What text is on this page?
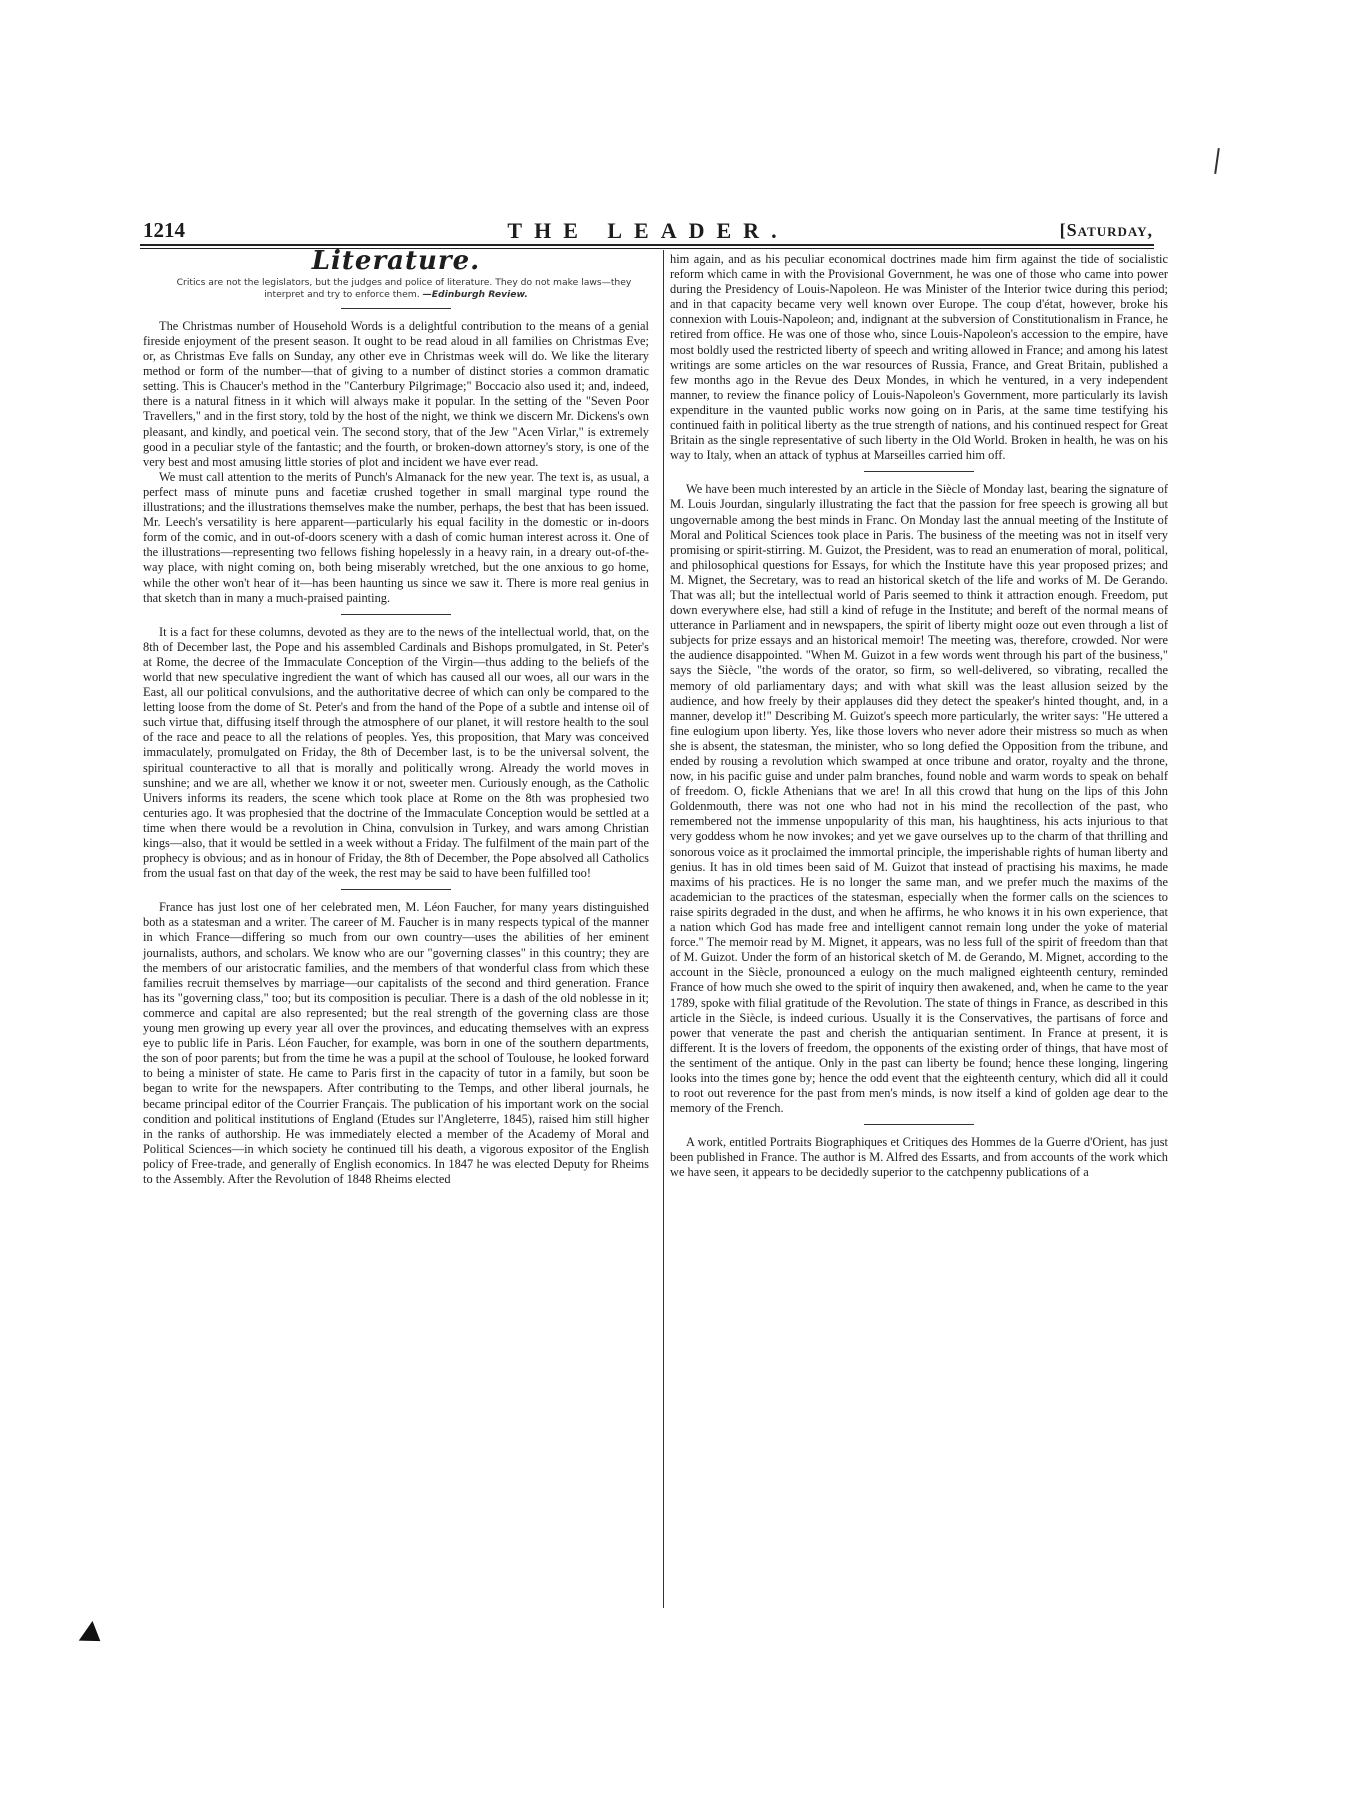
1214	THE LEADER.	[Saturday,
Literature.

Critics are not the legislators, but the judges and police of literature. They do not make laws—they interpret and try to enforce them. —Edinburgh Review.

The Christmas number of Household Words is a delightful contribution to the means of a genial fireside enjoyment of the present season. It ought to be read aloud in all families on Christmas Eve; or, as Christmas Eve falls on Sunday, any other eve in Christmas week will do. We like the literary method or form of the number—that of giving to a number of distinct stories a common dramatic setting. This is Chaucer's method in the "Canterbury Pilgrimage;" Boccacio also used it; and, indeed, there is a natural fitness in it which will always make it popular. In the setting of the "Seven Poor Travellers," and in the first story, told by the host of the night, we think we discern Mr. Dickens's own pleasant, and kindly, and poetical vein. The second story, that of the Jew "Acen Virlar," is extremely good in a peculiar style of the fantastic; and the fourth, or broken-down attorney's story, is one of the very best and most amusing little stories of plot and incident we have ever read.

We must call attention to the merits of Punch's Almanack for the new year. The text is, as usual, a perfect mass of minute puns and facetiæ crushed together in small marginal type round the illustrations; and the illustrations themselves make the number, perhaps, the best that has been issued. Mr. Leech's versatility is here apparent—particularly his equal facility in the domestic or in-doors form of the comic, and in out-of-doors scenery with a dash of comic human interest across it. One of the illustrations—representing two fellows fishing hopelessly in a heavy rain, in a dreary out-of-the-way place, with night coming on, both being miserably wretched, but the one anxious to go home, while the other won't hear of it—has been haunting us since we saw it. There is more real genius in that sketch than in many a much-praised painting.

It is a fact for these columns, devoted as they are to the news of the intellectual world, that, on the 8th of December last, the Pope and his assembled Cardinals and Bishops promulgated, in St. Peter's at Rome, the decree of the Immaculate Conception of the Virgin—thus adding to the beliefs of the world that new speculative ingredient the want of which has caused all our woes, all our wars in the East, all our political convulsions, and the authoritative decree of which can only be compared to the letting loose from the dome of St. Peter's and from the hand of the Pope of a subtle and intense oil of such virtue that, diffusing itself through the atmosphere of our planet, it will restore health to the soul of the race and peace to all the relations of peoples. Yes, this proposition, that Mary was conceived immaculately, promulgated on Friday, the 8th of December last, is to be the universal solvent, the spiritual counteractive to all that is morally and politically wrong. Already the world moves in sunshine; and we are all, whether we know it or not, sweeter men. Curiously enough, as the Catholic Univers informs its readers, the scene which took place at Rome on the 8th was prophesied two centuries ago. It was prophesied that the doctrine of the Immaculate Conception would be settled at a time when there would be a revolution in China, convulsion in Turkey, and wars among Christian kings—also, that it would be settled in a week without a Friday. The fulfilment of the main part of the prophecy is obvious; and as in honour of Friday, the 8th of December, the Pope absolved all Catholics from the usual fast on that day of the week, the rest may be said to have been fulfilled too!

France has just lost one of her celebrated men, M. Léon Faucher, for many years distinguished both as a statesman and a writer. The career of M. Faucher is in many respects typical of the manner in which France—differing so much from our own country—uses the abilities of her eminent journalists, authors, and scholars. We know who are our "governing classes" in this country; they are the members of our aristocratic families, and the members of that wonderful class from which these families recruit themselves by marriage—our capitalists of the second and third generation. France has its "governing class," too; but its composition is peculiar. There is a dash of the old noblesse in it; commerce and capital are also represented; but the real strength of the governing class are those young men growing up every year all over the provinces, and educating themselves with an express eye to public life in Paris. Léon Faucher, for example, was born in one of the southern departments, the son of poor parents; but from the time he was a pupil at the school of Toulouse, he looked forward to being a minister of state. He came to Paris first in the capacity of tutor in a family, but soon be began to write for the newspapers. After contributing to the Temps, and other liberal journals, he became principal editor of the Courrier Français. The publication of his important work on the social condition and political institutions of England (Etudes sur l'Angleterre, 1845), raised him still higher in the ranks of authorship. He was immediately elected a member of the Academy of Moral and Political Sciences—in which society he continued till his death, a vigorous expositor of the English policy of Free-trade, and generally of English economics. In 1847 he was elected Deputy for Rheims to the Assembly. After the Revolution of 1848 Rheims elected

him again, and as his peculiar economical doctrines made him firm against the tide of socialistic reform which came in with the Provisional Government, he was one of those who came into power during the Presidency of Louis-Napoleon. He was Minister of the Interior twice during this period; and in that capacity became very well known over Europe. The coup d'état, however, broke his connexion with Louis-Napoleon; and, indignant at the subversion of Constitutionalism in France, he retired from office. He was one of those who, since Louis-Napoleon's accession to the empire, have most boldly used the restricted liberty of speech and writing allowed in France; and among his latest writings are some articles on the war resources of Russia, France, and Great Britain, published a few months ago in the Revue des Deux Mondes, in which he ventured, in a very independent manner, to review the finance policy of Louis-Napoleon's Government, more particularly its lavish expenditure in the vaunted public works now going on in Paris, at the same time testifying his continued faith in political liberty as the true strength of nations, and his continued respect for Great Britain as the single representative of such liberty in the Old World. Broken in health, he was on his way to Italy, when an attack of typhus at Marseilles carried him off.

We have been much interested by an article in the Siècle of Monday last, bearing the signature of M. Louis Jourdan, singularly illustrating the fact that the passion for free speech is growing all but ungovernable among the best minds in Franc. On Monday last the annual meeting of the Institute of Moral and Political Sciences took place in Paris. The business of the meeting was not in itself very promising or spirit-stirring. M. Guizot, the President, was to read an enumeration of moral, political, and philosophical questions for Essays, for which the Institute have this year proposed prizes; and M. Mignet, the Secretary, was to read an historical sketch of the life and works of M. De Gerando. That was all; but the intellectual world of Paris seemed to think it attraction enough. Freedom, put down everywhere else, had still a kind of refuge in the Institute; and bereft of the normal means of utterance in Parliament and in newspapers, the spirit of liberty might ooze out even through a list of subjects for prize essays and an historical memoir! The meeting was, therefore, crowded. Nor were the audience disappointed. "When M. Guizot in a few words went through his part of the business," says the Siècle, "the words of the orator, so firm, so well-delivered, so vibrating, recalled the memory of old parliamentary days; and with what skill was the least allusion seized by the audience, and how freely by their applauses did they detect the speaker's hinted thought, and, in a manner, develop it!" Describing M. Guizot's speech more particularly, the writer says: "He uttered a fine eulogium upon liberty. Yes, like those lovers who never adore their mistress so much as when she is absent, the statesman, the minister, who so long defied the Opposition from the tribune, and ended by rousing a revolution which swamped at once tribune and orator, royalty and the throne, now, in his pacific guise and under palm branches, found noble and warm words to speak on behalf of freedom. O, fickle Athenians that we are! In all this crowd that hung on the lips of this John Goldenmouth, there was not one who had not in his mind the recollection of the past, who remembered not the immense unpopularity of this man, his haughtiness, his acts injurious to that very goddess whom he now invokes; and yet we gave ourselves up to the charm of that thrilling and sonorous voice as it proclaimed the immortal principle, the imperishable rights of human liberty and genius. It has in old times been said of M. Guizot that instead of practising his maxims, he made maxims of his practices. He is no longer the same man, and we prefer much the maxims of the academician to the practices of the statesman, especially when the former calls on the sciences to raise spirits degraded in the dust, and when he affirms, he who knows it in his own experience, that a nation which God has made free and intelligent cannot remain long under the yoke of material force." The memoir read by M. Mignet, it appears, was no less full of the spirit of freedom than that of M. Guizot. Under the form of an historical sketch of M. de Gerando, M. Mignet, according to the account in the Siècle, pronounced a eulogy on the much maligned eighteenth century, reminded France of how much she owed to the spirit of inquiry then awakened, and, when he came to the year 1789, spoke with filial gratitude of the Revolution. The state of things in France, as described in this article in the Siècle, is indeed curious. Usually it is the Conservatives, the partisans of force and power that venerate the past and cherish the antiquarian sentiment. In France at present, it is different. It is the lovers of freedom, the opponents of the existing order of things, that have most of the sentiment of the antique. Only in the past can liberty be found; hence these longing, lingering looks into the times gone by; hence the odd event that the eighteenth century, which did all it could to root out reverence for the past from men's minds, is now itself a kind of golden age dear to the memory of the French.

A work, entitled Portraits Biographiques et Critiques des Hommes de la Guerre d'Orient, has just been published in France. The author is M. Alfred des Essarts, and from accounts of the work which we have seen, it appears to be decidedly superior to the catchpenny publications of a
